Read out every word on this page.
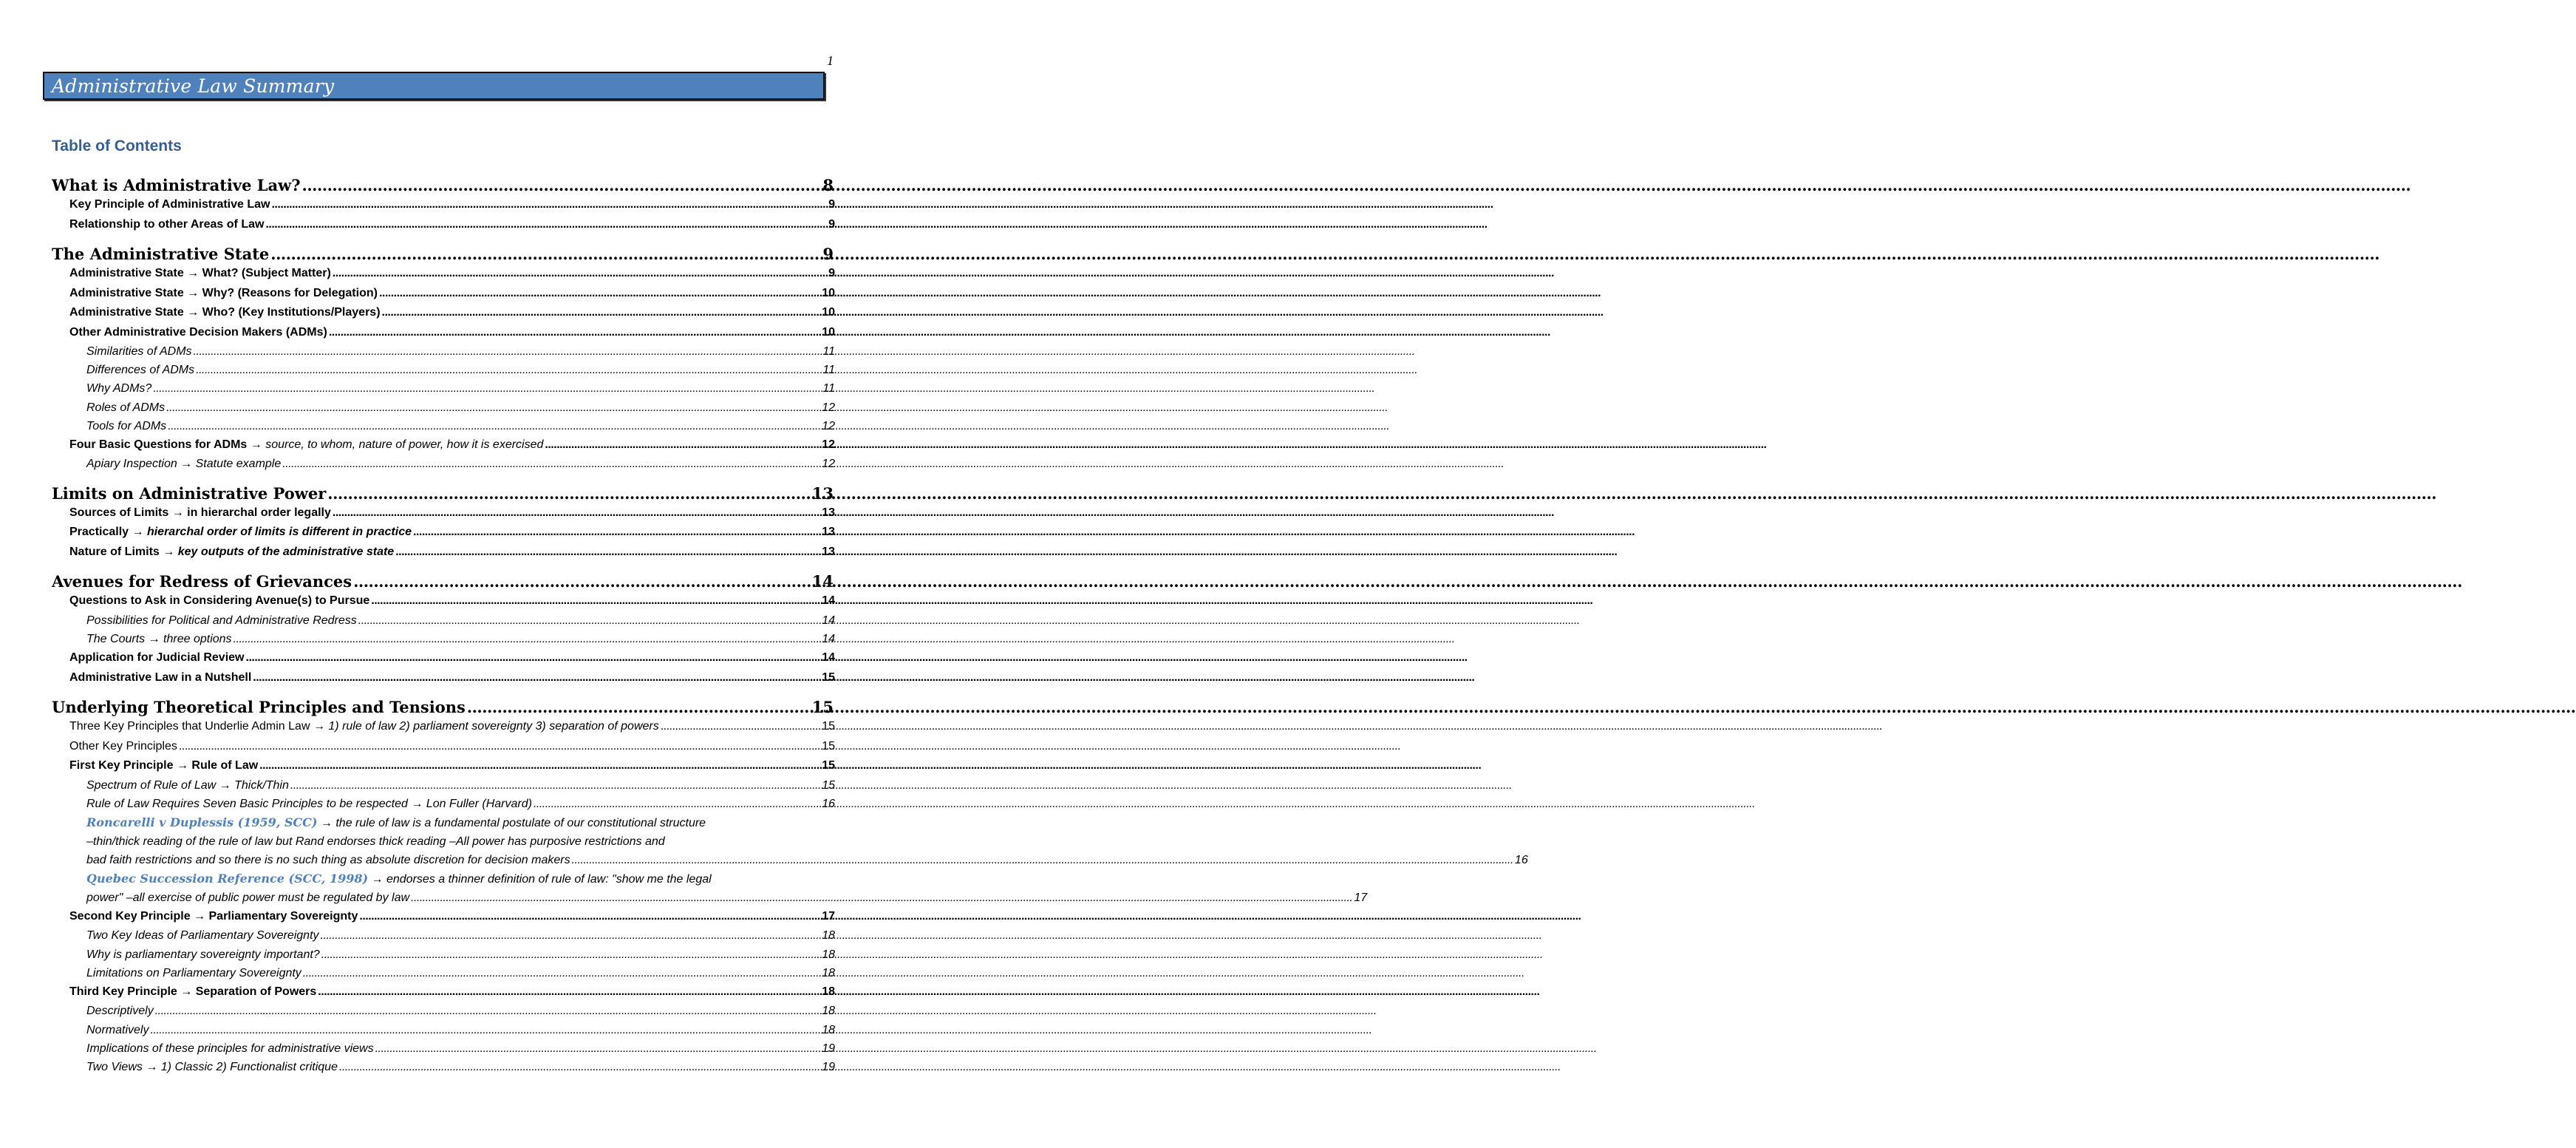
1
Administrative Law Summary
Table of Contents
What is Administrative Law? .....	8
Key Principle of Administrative Law .....	9
Relationship to other Areas of Law .....	9
The Administrative State .....	9
Administrative State → What? (Subject Matter) .....	9
Administrative State → Why? (Reasons for Delegation) .....	10
Administrative State → Who? (Key Institutions/Players) .....	10
Other Administrative Decision Makers (ADMs) .....	10
Similarities of ADMs .....	11
Differences of ADMs .....	11
Why ADMs? .....	11
Roles of ADMs .....	12
Tools for ADMs .....	12
Four Basic Questions for ADMs → source, to whom, nature of power, how it is exercised .....	12
Apiary Inspection → Statute example .....	12
Limits on Administrative Power .....	13
Sources of Limits → in hierarchal order legally .....	13
Practically → hierarchal order of limits is different in practice .....	13
Nature of Limits → key outputs of the administrative state .....	13
Avenues for Redress of Grievances .....	14
Questions to Ask in Considering Avenue(s) to Pursue .....	14
Possibilities for Political and Administrative Redress .....	14
The Courts → three options .....	14
Application for Judicial Review .....	14
Administrative Law in a Nutshell .....	15
Underlying Theoretical Principles and Tensions .....	15
Three Key Principles that Underlie Admin Law → 1) rule of law 2) parliament sovereignty 3) separation of powers .....	15
Other Key Principles .....	15
First Key Principle → Rule of Law .....	15
Spectrum of Rule of Law → Thick/Thin .....	15
Rule of Law Requires Seven Basic Principles to be respected → Lon Fuller (Harvard) .....	16
Roncarelli v Duplessis (1959, SCC) → the rule of law is a fundamental postulate of our constitutional structure
–thin/thick reading of the rule of law but Rand endorses thick reading –All power has purposive restrictions and
bad faith restrictions and so there is no such thing as absolute discretion for decision makers .....	16
Quebec Succession Reference (SCC, 1998) → endorses a thinner definition of rule of law: "show me the legal
power" –all exercise of public power must be regulated by law .....	17
Second Key Principle → Parliamentary Sovereignty .....	17
Two Key Ideas of Parliamentary Sovereignty .....	18
Why is parliamentary sovereignty important? .....	18
Limitations on Parliamentary Sovereignty .....	18
Third Key Principle → Separation of Powers .....	18
Descriptively .....	18
Normatively .....	18
Implications of these principles for administrative views .....	19
Two Views → 1) Classic 2) Functionalist critique .....	19
